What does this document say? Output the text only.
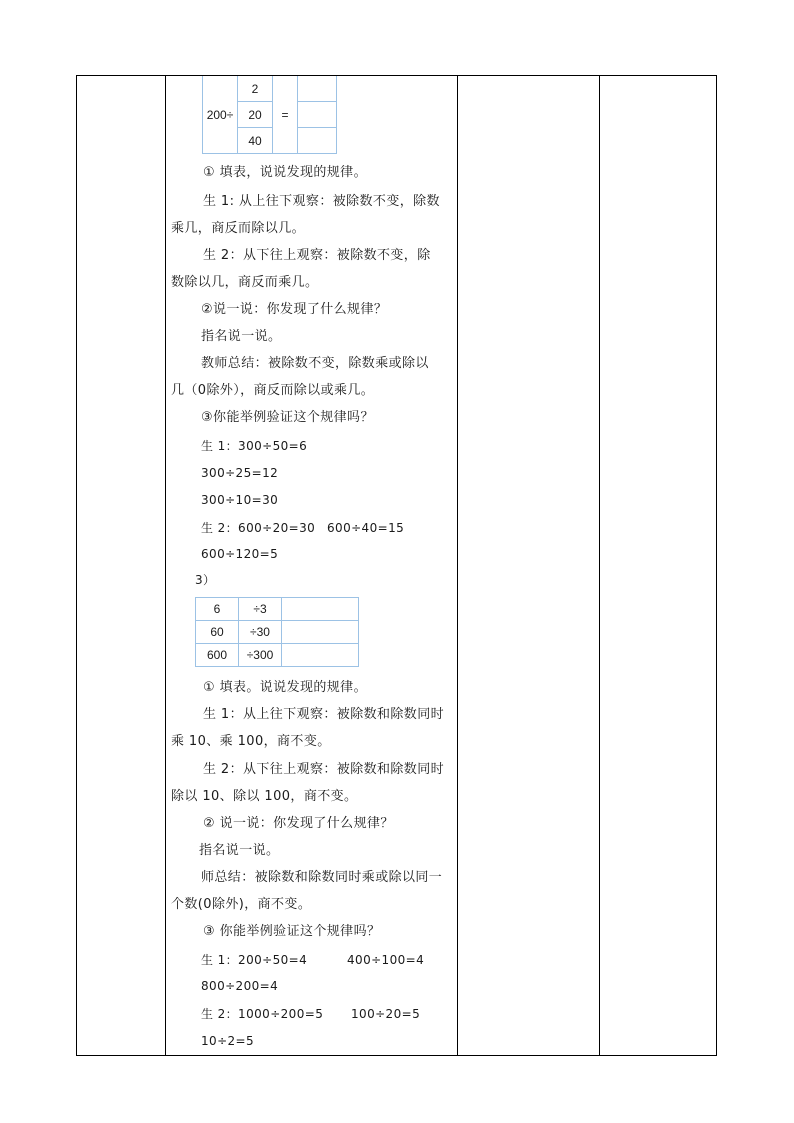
200÷	2	=	
	20		
	40		
① 填表，说说发现的规律。
生 1: 从上往下观察：被除数不变，除数
乘几，商反而除以几。
生 2：从下往上观察：被除数不变，除
数除以几，商反而乘几。
②说一说：你发现了什么规律？
指名说一说。
教师总结：被除数不变，除数乘或除以
几（0除外），商反而除以或乘几。
③你能举例验证这个规律吗？
生 1：300÷50=6
300÷25=12
300÷10=30
生 2：600÷20=30 600÷40=15
600÷120=5
3）
6	÷3	
60	÷30	
600	÷300	
① 填表。说说发现的规律。
生 1：从上往下观察：被除数和除数同时
乘 10、乘 100，商不变。
生 2：从下往上观察：被除数和除数同时
除以 10、除以 100，商不变。
② 说一说：你发现了什么规律？
指名说一说。
师总结：被除数和除数同时乘或除以同一
个数(0除外)，商不变。
③ 你能举例验证这个规律吗？
生 1：200÷50=4	400÷100=4
800÷200=4
生 2：1000÷200=5 100÷20=5
10÷2=5
